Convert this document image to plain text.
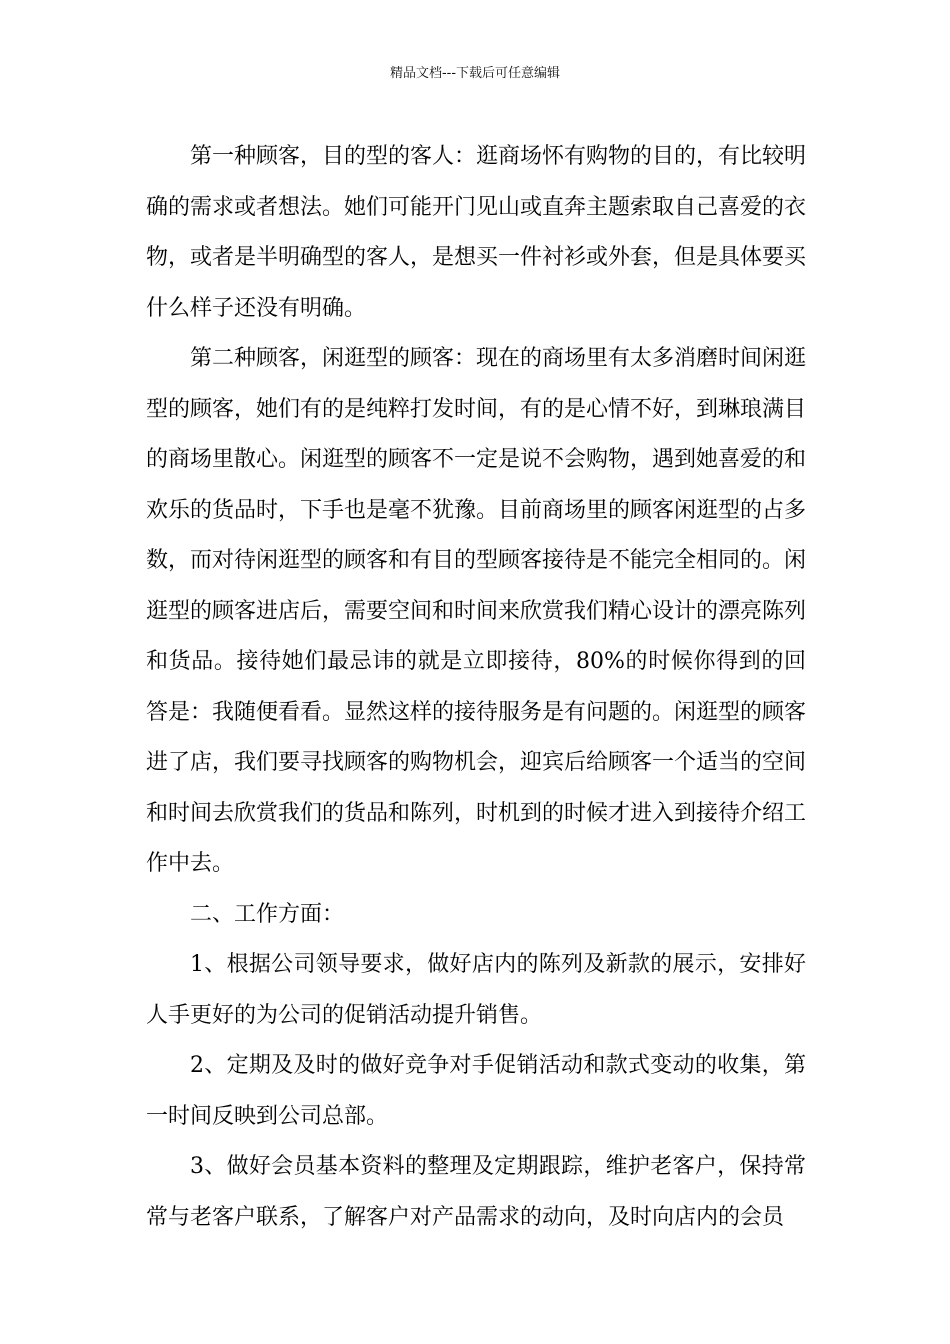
精品文档---下载后可任意编辑

第一种顾客，目的型的客人：逛商场怀有购物的目的，有比较明确的需求或者想法。她们可能开门见山或直奔主题索取自己喜爱的衣物，或者是半明确型的客人，是想买一件衬衫或外套，但是具体要买什么样子还没有明确。

第二种顾客，闲逛型的顾客：现在的商场里有太多消磨时间闲逛型的顾客，她们有的是纯粹打发时间，有的是心情不好，到琳琅满目的商场里散心。闲逛型的顾客不一定是说不会购物，遇到她喜爱的和欢乐的货品时，下手也是毫不犹豫。目前商场里的顾客闲逛型的占多数，而对待闲逛型的顾客和有目的型顾客接待是不能完全相同的。闲逛型的顾客进店后，需要空间和时间来欣赏我们精心设计的漂亮陈列和货品。接待她们最忌讳的就是立即接待，80%的时候你得到的回答是：我随便看看。显然这样的接待服务是有问题的。闲逛型的顾客进了店，我们要寻找顾客的购物机会，迎宾后给顾客一个适当的空间和时间去欣赏我们的货品和陈列，时机到的时候才进入到接待介绍工作中去。

二、工作方面：

1、根据公司领导要求，做好店内的陈列及新款的展示，安排好人手更好的为公司的促销活动提升销售。

2、定期及及时的做好竞争对手促销活动和款式变动的收集，第一时间反映到公司总部。

3、做好会员基本资料的整理及定期跟踪，维护老客户，保持常常与老客户联系，了解客户对产品需求的动向，及时向店内的会员
